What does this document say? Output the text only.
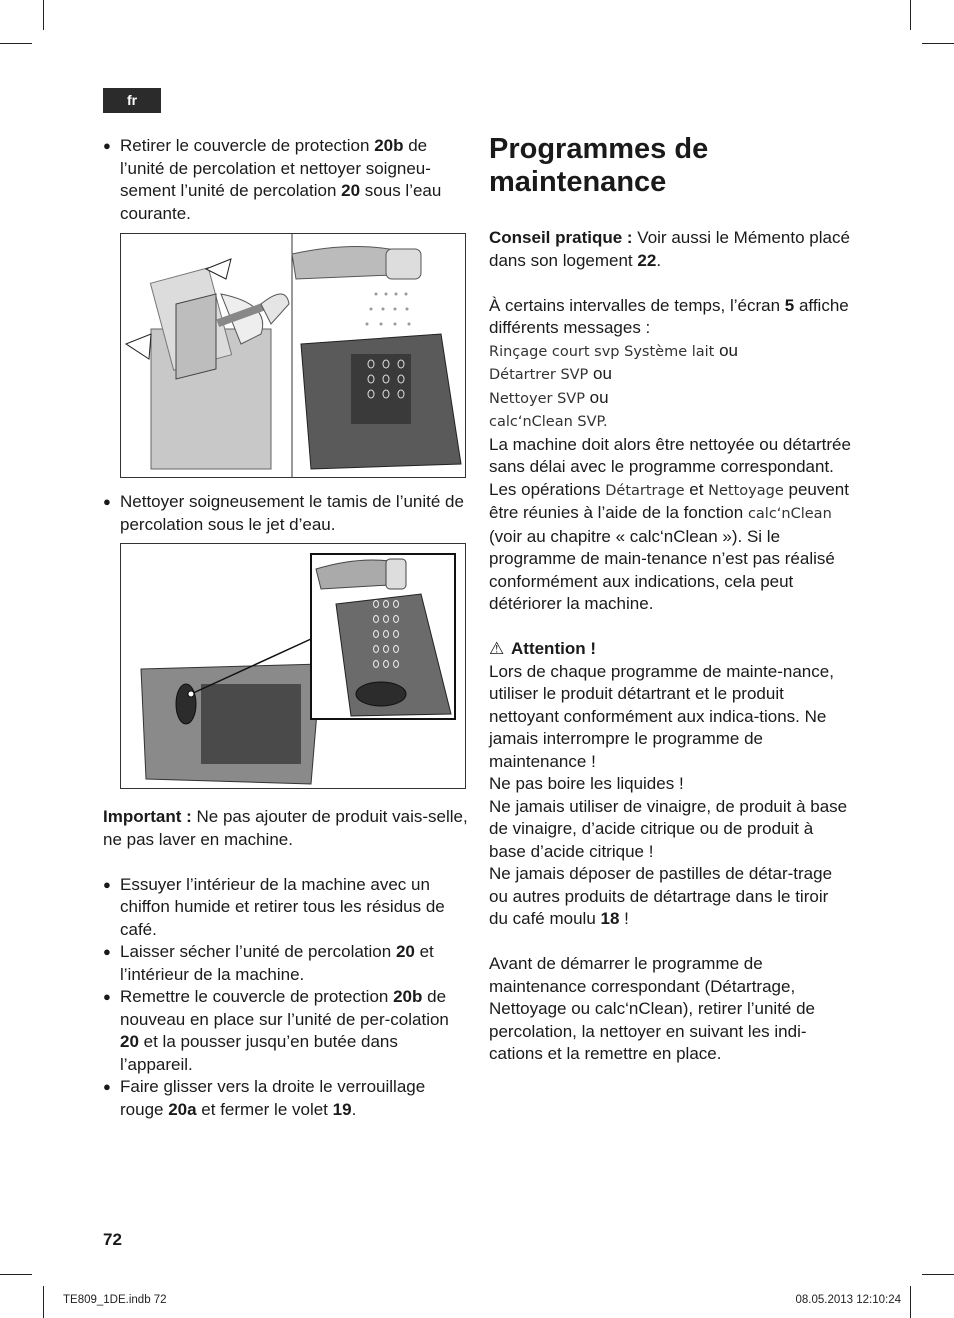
fr
● Retirer le couvercle de protection 20b de l’unité de percolation et nettoyer soigneu-sement l’unité de percolation 20 sous l’eau courante.
● Nettoyer soigneusement le tamis de l’unité de percolation sous le jet d’eau.
Important : Ne pas ajouter de produit vais-selle, ne pas laver en machine.
● Essuyer l’intérieur de la machine avec un chiffon humide et retirer tous les résidus de café.
● Laisser sécher l’unité de percolation 20 et l’intérieur de la machine.
● Remettre le couvercle de protection 20b de nouveau en place sur l’unité de per-colation 20 et la pousser jusqu’en butée dans l’appareil.
● Faire glisser vers la droite le verrouillage rouge 20a et fermer le volet 19.
Programmes de maintenance
Conseil pratique : Voir aussi le Mémento placé dans son logement 22.
À certains intervalles de temps, l’écran 5 affiche différents messages :
Rinçage court svp Système lait ou
Détartrer SVP ou
Nettoyer SVP ou
calc‘nClean SVP.
La machine doit alors être nettoyée ou détartrée sans délai avec le programme correspondant. Les opérations Détartrage et Nettoyage peuvent être réunies à l’aide de la fonction calc‘nClean (voir au chapitre « calc‘nClean »). Si le programme de main-tenance n’est pas réalisé conformément aux indications, cela peut détériorer la machine.
⚠ Attention !
Lors de chaque programme de mainte-nance, utiliser le produit détartrant et le produit nettoyant conformément aux indica-tions. Ne jamais interrompre le programme de maintenance !
Ne pas boire les liquides !
Ne jamais utiliser de vinaigre, de produit à base de vinaigre, d’acide citrique ou de produit à base d’acide citrique !
Ne jamais déposer de pastilles de détar-trage ou autres produits de détartrage dans le tiroir du café moulu 18 !
Avant de démarrer le programme de maintenance correspondant (Détartrage, Nettoyage ou calc‘nClean), retirer l’unité de percolation, la nettoyer en suivant les indi-cations et la remettre en place.
72
TE809_1DE.indb 72	08.05.2013 12:10:24
